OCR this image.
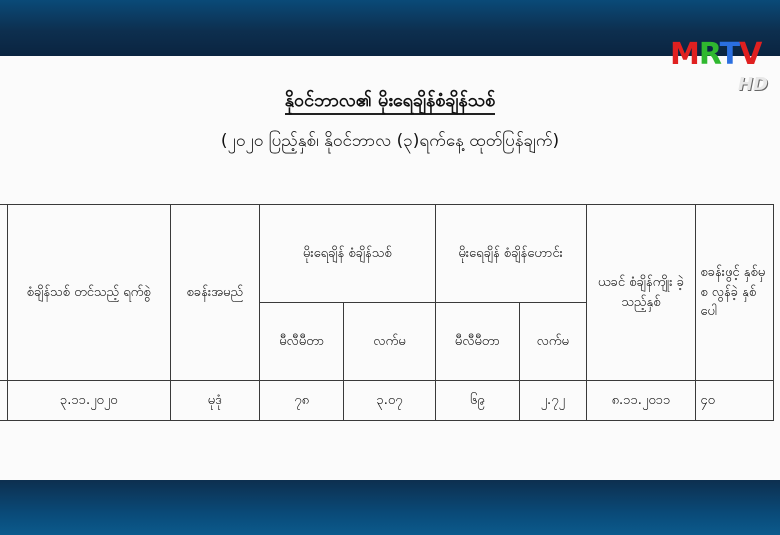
နိုဝင်ဘာလ၏ မိုးရေချိန်စံချိန်သစ်
(၂၀၂၀ ပြည့်နှစ်၊ နိုဝင်ဘာလ (၃)ရက်နေ့ ထုတ်ပြန်ချက်)
	စံချိန်သစ် တင်သည့် ရက်စွဲ	စခန်းအမည်	မိုးရေချိန် စံချိန်သစ်		မိုးရေချိန် စံချိန်ဟောင်း		ယခင် စံချိန်ကျိုး ခဲ့သည့်နှစ်	စခန်းဖွင့် နှစ်မှစ လွန်ခဲ့ နှစ်ပေါ
			မီလီမီတာ	လက်မ	မီလီမီတာ	လက်မ		
	၃.၁၁.၂၀၂၀	မုဒုံ	၇၈	၃.၀၇	၆၉	၂.၇၂	၈.၁၁.၂၀၁၁	၄၀
MRTV
HD
